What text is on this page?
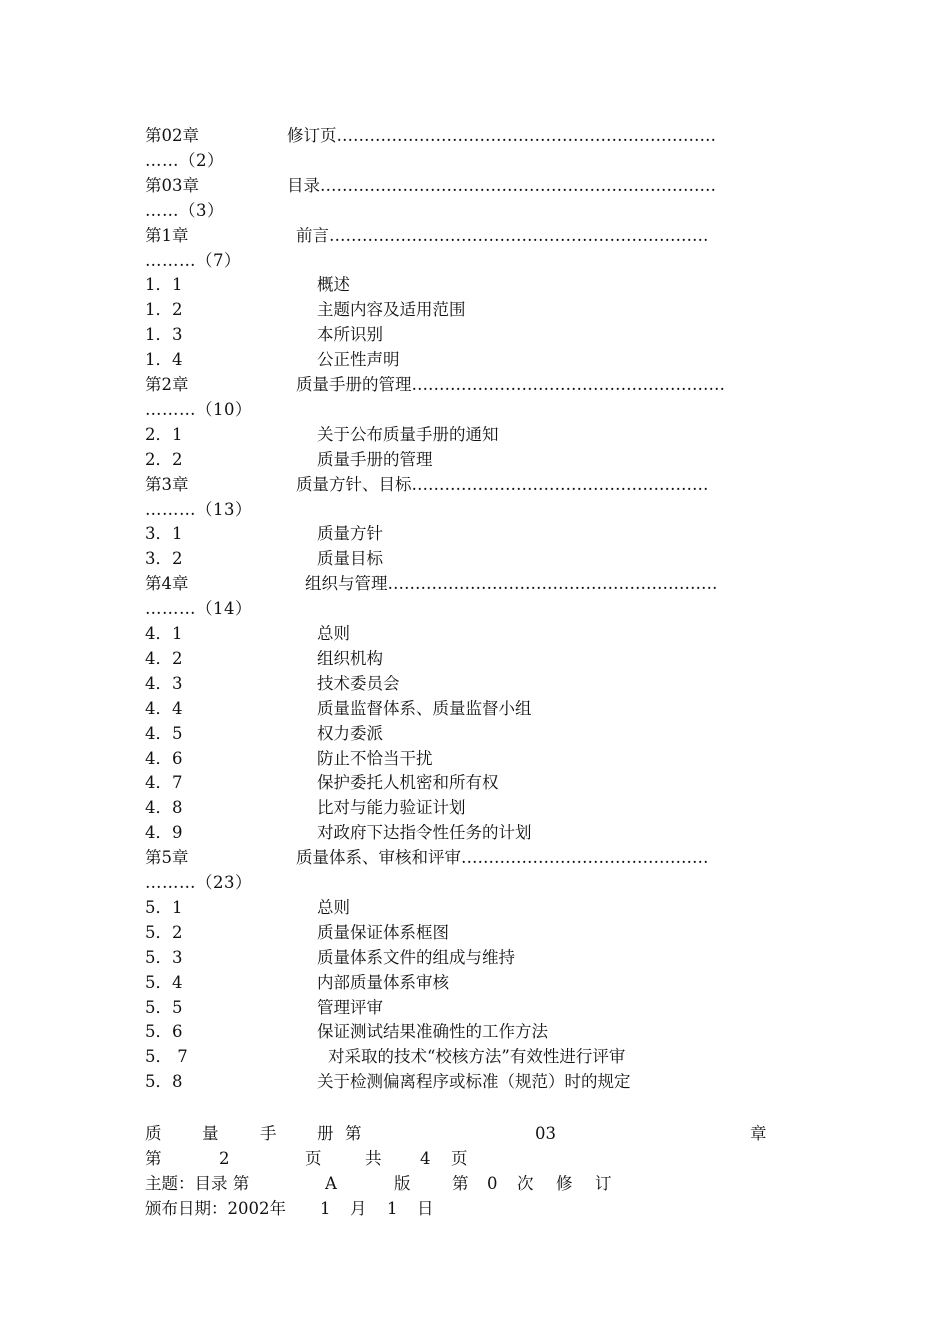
第02章	修订页……………………………………………………………
……（2）
第03章	目录………………………………………………………………
……（3）
第1章	前言……………………………………………………………
………（7）
1．1	概述
1．2	主题内容及适用范围
1．3	本所识别
1．4	公正性声明
第2章	质量手册的管理…………………………………………………
………（10）
2．1	关于公布质量手册的通知
2．2	质量手册的管理
第3章	质量方针、目标………………………………………………
………（13）
3．1	质量方针
3．2	质量目标
第4章	组织与管理……………………………………………………
………（14）
4．1	总则
4．2	组织机构
4．3	技术委员会
4．4	质量监督体系、质量监督小组
4．5	权力委派
4．6	防止不恰当干扰
4．7	保护委托人机密和所有权
4．8	比对与能力验证计划
4．9	对政府下达指令性任务的计划
第5章	质量体系、审核和评审………………………………………
………（23）
5．1	总则
5．2	质量保证体系框图
5．3	质量体系文件的组成与维持
5．4	内部质量体系审核
5．5	管理评审
5．6	保证测试结果准确性的工作方法
5． 7	对采取的技术“校核方法”有效性进行评审
5．8	关于检测偏离程序或标准（规范）时的规定
质 量	手 册 第	03	章
第	2	页	共 4 页
主题：目录 第	A	版	第 0 次 修 订
颁布日期：2002年 1 月 1 日
